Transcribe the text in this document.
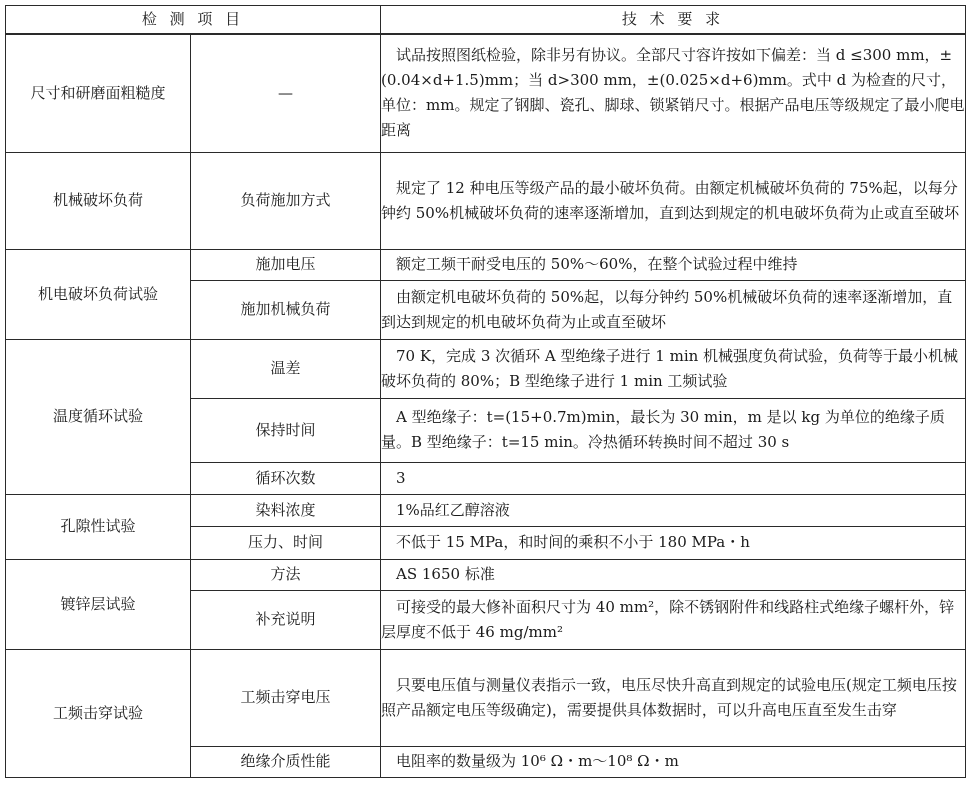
检 测 项 目		技 术 要 求
尺寸和研磨面粗糙度	—	　试品按照图纸检验，除非另有协议。全部尺寸容许按如下偏差：当 d ≤300 mm，±(0.04×d+1.5)mm；当 d>300 mm，±(0.025×d+6)mm。式中 d 为检查的尺寸，单位：mm。规定了钢脚、瓷孔、脚球、锁紧销尺寸。根据产品电压等级规定了最小爬电距离
机械破坏负荷	负荷施加方式	　规定了 12 种电压等级产品的最小破坏负荷。由额定机械破坏负荷的 75%起，以每分钟约 50%机械破坏负荷的速率逐渐增加，直到达到规定的机电破坏负荷为止或直至破坏
机电破坏负荷试验	施加电压	　额定工频干耐受电压的 50%～60%，在整个试验过程中维持
	施加机械负荷	　由额定机电破坏负荷的 50%起，以每分钟约 50%机械破坏负荷的速率逐渐增加，直到达到规定的机电破坏负荷为止或直至破坏
温度循环试验	温差	　70 K，完成 3 次循环 A 型绝缘子进行 1 min 机械强度负荷试验，负荷等于最小机械破坏负荷的 80%；B 型绝缘子进行 1 min 工频试验
	保持时间	　A 型绝缘子：t=(15+0.7m)min，最长为 30 min，m 是以 kg 为单位的绝缘子质量。B 型绝缘子：t=15 min。冷热循环转换时间不超过 30 s
	循环次数	　3
孔隙性试验	染料浓度	　1%品红乙醇溶液
	压力、时间	　不低于 15 MPa，和时间的乘积不小于 180 MPa・h
镀锌层试验	方法	　AS 1650 标准
	补充说明	　可接受的最大修补面积尺寸为 40 mm²，除不锈钢附件和线路柱式绝缘子螺杆外，锌层厚度不低于 46 mg/mm²
工频击穿试验	工频击穿电压	　只要电压值与测量仪表指示一致，电压尽快升高直到规定的试验电压(规定工频电压按照产品额定电压等级确定)，需要提供具体数据时，可以升高电压直至发生击穿
	绝缘介质性能	　电阻率的数量级为 10⁶ Ω・m～10⁸ Ω・m
